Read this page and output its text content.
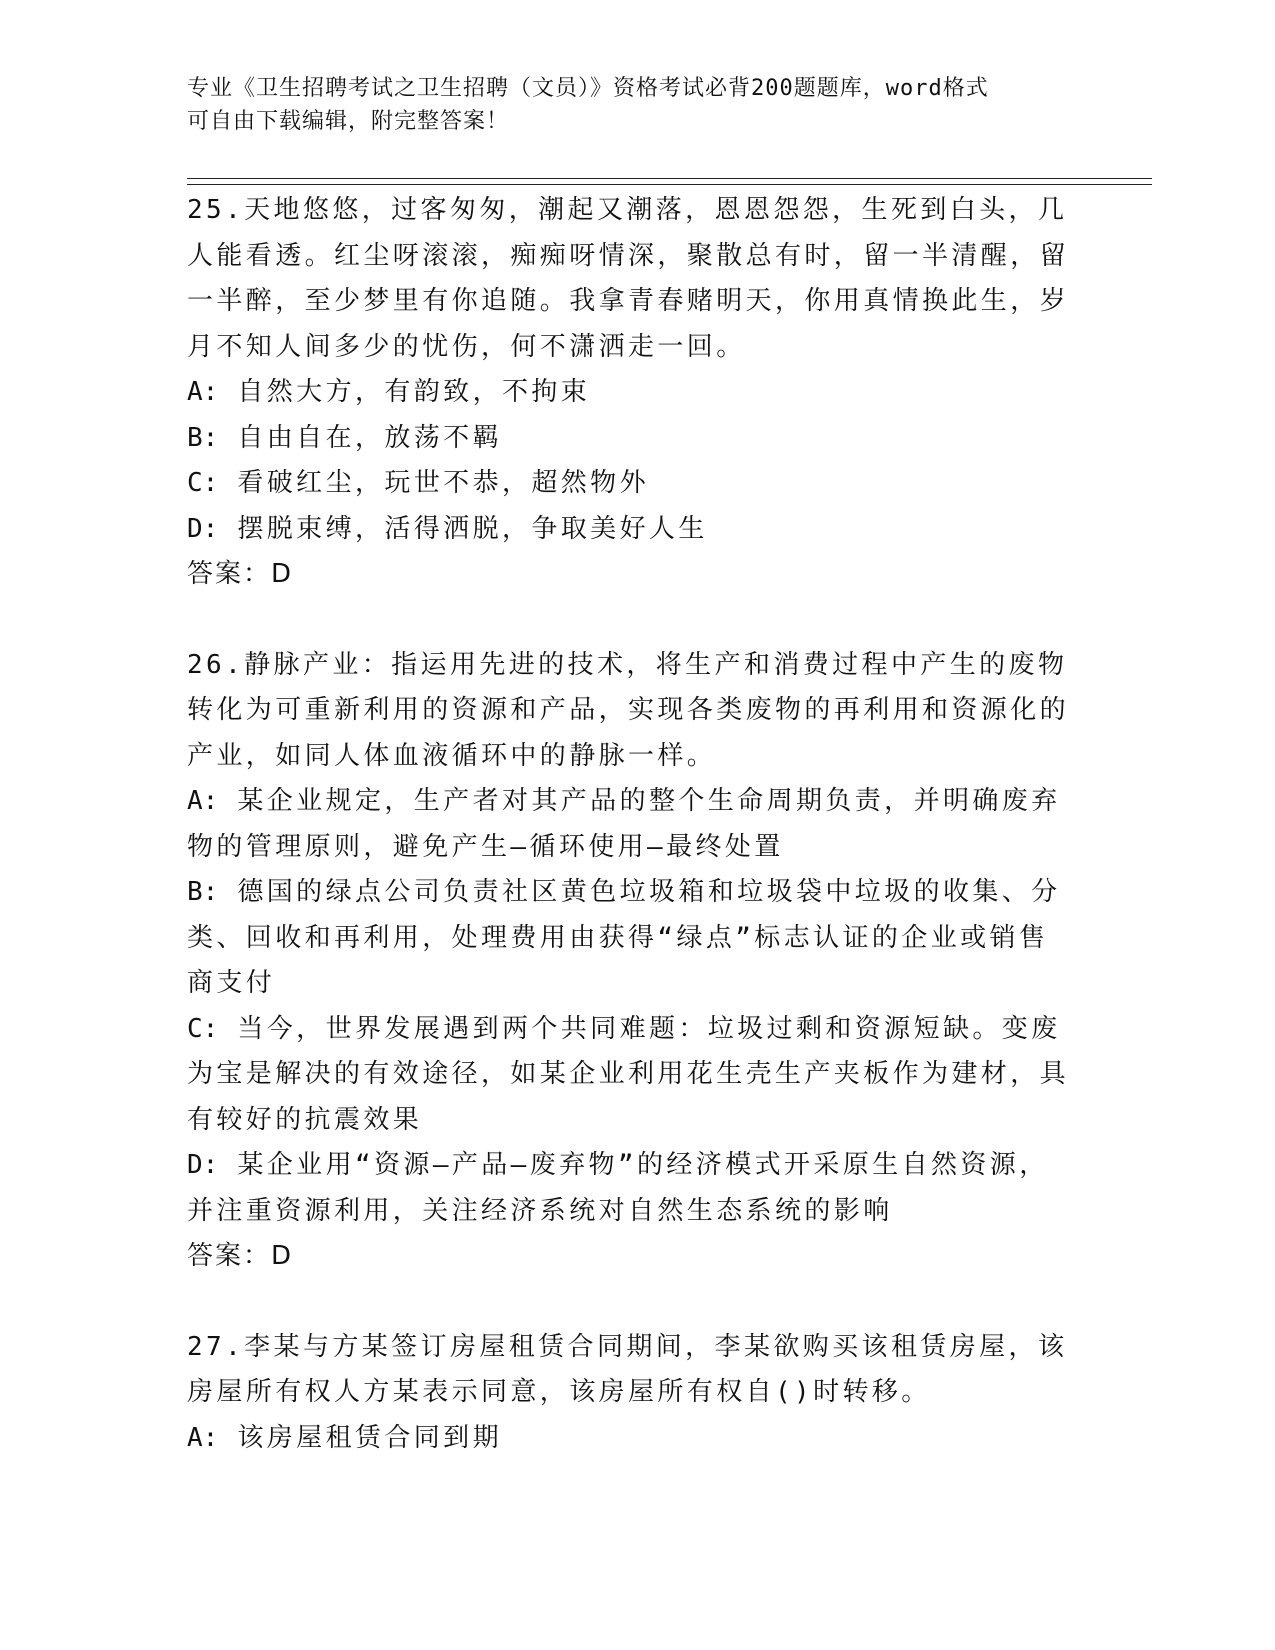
专业《卫生招聘考试之卫生招聘（文员）》资格考试必背200题题库，word格式
可自由下载编辑，附完整答案！

25.天地悠悠，过客匆匆，潮起又潮落，恩恩怨怨，生死到白头，几人能看透。红尘呀滚滚，痴痴呀情深，聚散总有时，留一半清醒，留一半醉，至少梦里有你追随。我拿青春赌明天，你用真情换此生，岁月不知人间多少的忧伤，何不潇洒走一回。

A: 自然大方，有韵致，不拘束

B: 自由自在，放荡不羁

C: 看破红尘，玩世不恭，超然物外

D: 摆脱束缚，活得洒脱，争取美好人生

答案：D

26.静脉产业：指运用先进的技术，将生产和消费过程中产生的废物转化为可重新利用的资源和产品，实现各类废物的再利用和资源化的产业，如同人体血液循环中的静脉一样。

A: 某企业规定，生产者对其产品的整个生命周期负责，并明确废弃物的管理原则，避免产生—循环使用—最终处置

B: 德国的绿点公司负责社区黄色垃圾箱和垃圾袋中垃圾的收集、分类、回收和再利用，处理费用由获得“绿点”标志认证的企业或销售商支付

C: 当今，世界发展遇到两个共同难题：垃圾过剩和资源短缺。变废为宝是解决的有效途径，如某企业利用花生壳生产夹板作为建材，具有较好的抗震效果

D: 某企业用“资源—产品—废弃物”的经济模式开采原生自然资源，并注重资源利用，关注经济系统对自然生态系统的影响

答案：D

27.李某与方某签订房屋租赁合同期间，李某欲购买该租赁房屋，该房屋所有权人方某表示同意，该房屋所有权自()时转移。

A: 该房屋租赁合同到期
